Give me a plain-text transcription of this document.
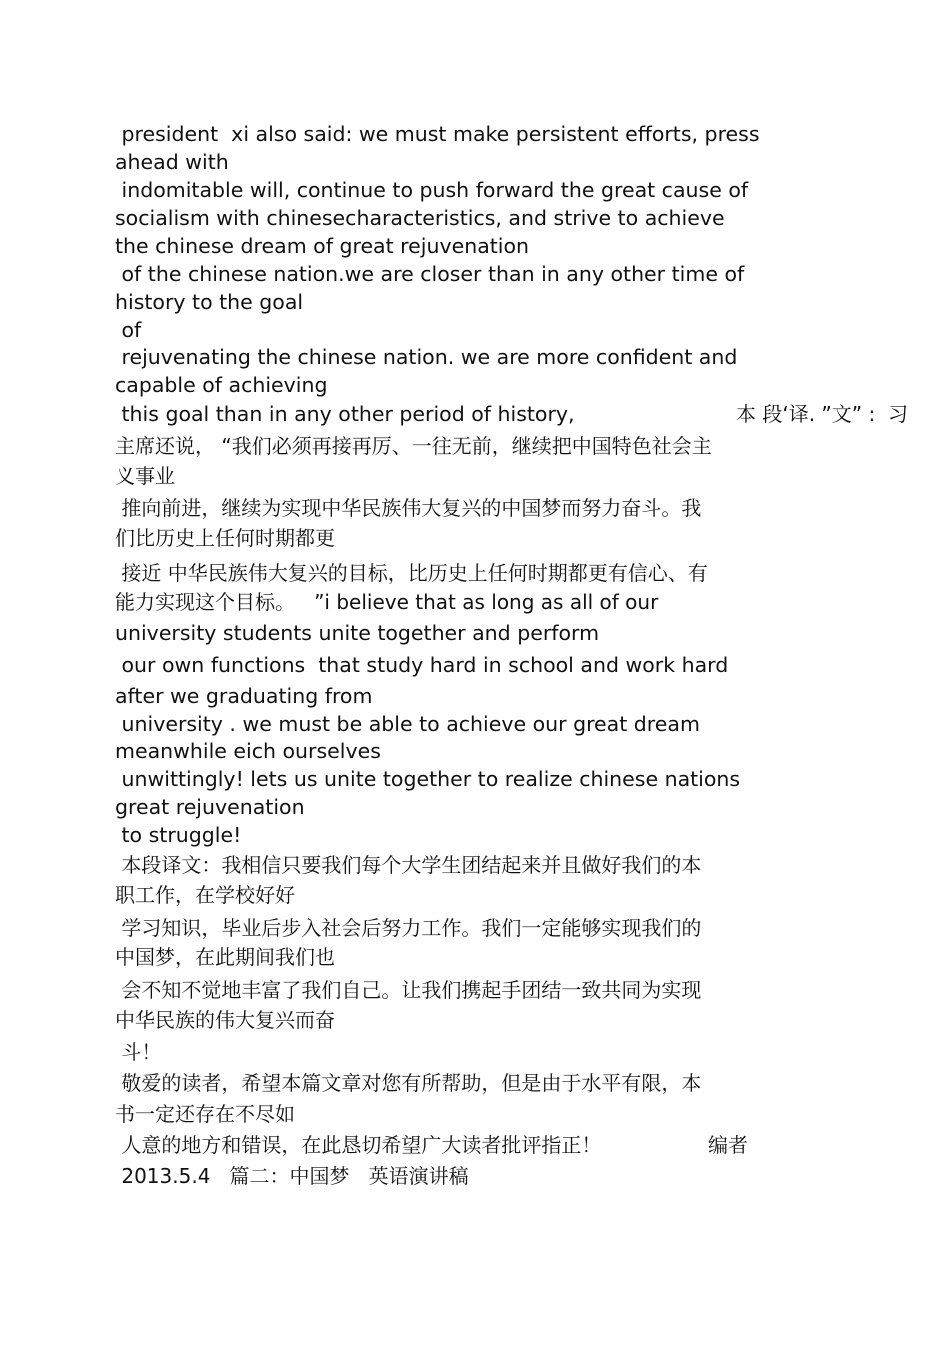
president  xi also said: we must make persistent efforts, press
ahead with
indomitable will, continue to push forward the great cause of
socialism with chinesecharacteristics, and strive to achieve
the chinese dream of great rejuvenation
of the chinese nation.we are closer than in any other time of
history to the goal
of
rejuvenating the chinese nation. we are more confident and
capable of achieving
this goal than in any other period of history,	本 段‘译. ”文” :  习
主席还说， “我们必须再接再厉、一往无前，继续把中国特色社会主
义事业
推向前进，继续为实现中华民族伟大复兴的中国梦而努力奋斗。我
们比历史上任何时期都更
接近 中华民族伟大复兴的目标，比历史上任何时期都更有信心、有
能力实现这个目标。   ”i believe that as long as all of our
university students unite together and perform
our own functions  that study hard in school and work hard
after we graduating from
university . we must be able to achieve our great dream
meanwhile eich ourselves
unwittingly! lets us unite together to realize chinese nations
great rejuvenation
to struggle!
本段译文：我相信只要我们每个大学生团结起来并且做好我们的本
职工作，在学校好好
学习知识，毕业后步入社会后努力工作。我们一定能够实现我们的
中国梦，在此期间我们也
会不知不觉地丰富了我们自己。让我们携起手团结一致共同为实现
中华民族的伟大复兴而奋
斗！
敬爱的读者，希望本篇文章对您有所帮助，但是由于水平有限，本
书一定还存在不尽如
人意的地方和错误，在此恳切希望广大读者批评指正！	编者
2013.5.4   篇二：中国梦   英语演讲稿
